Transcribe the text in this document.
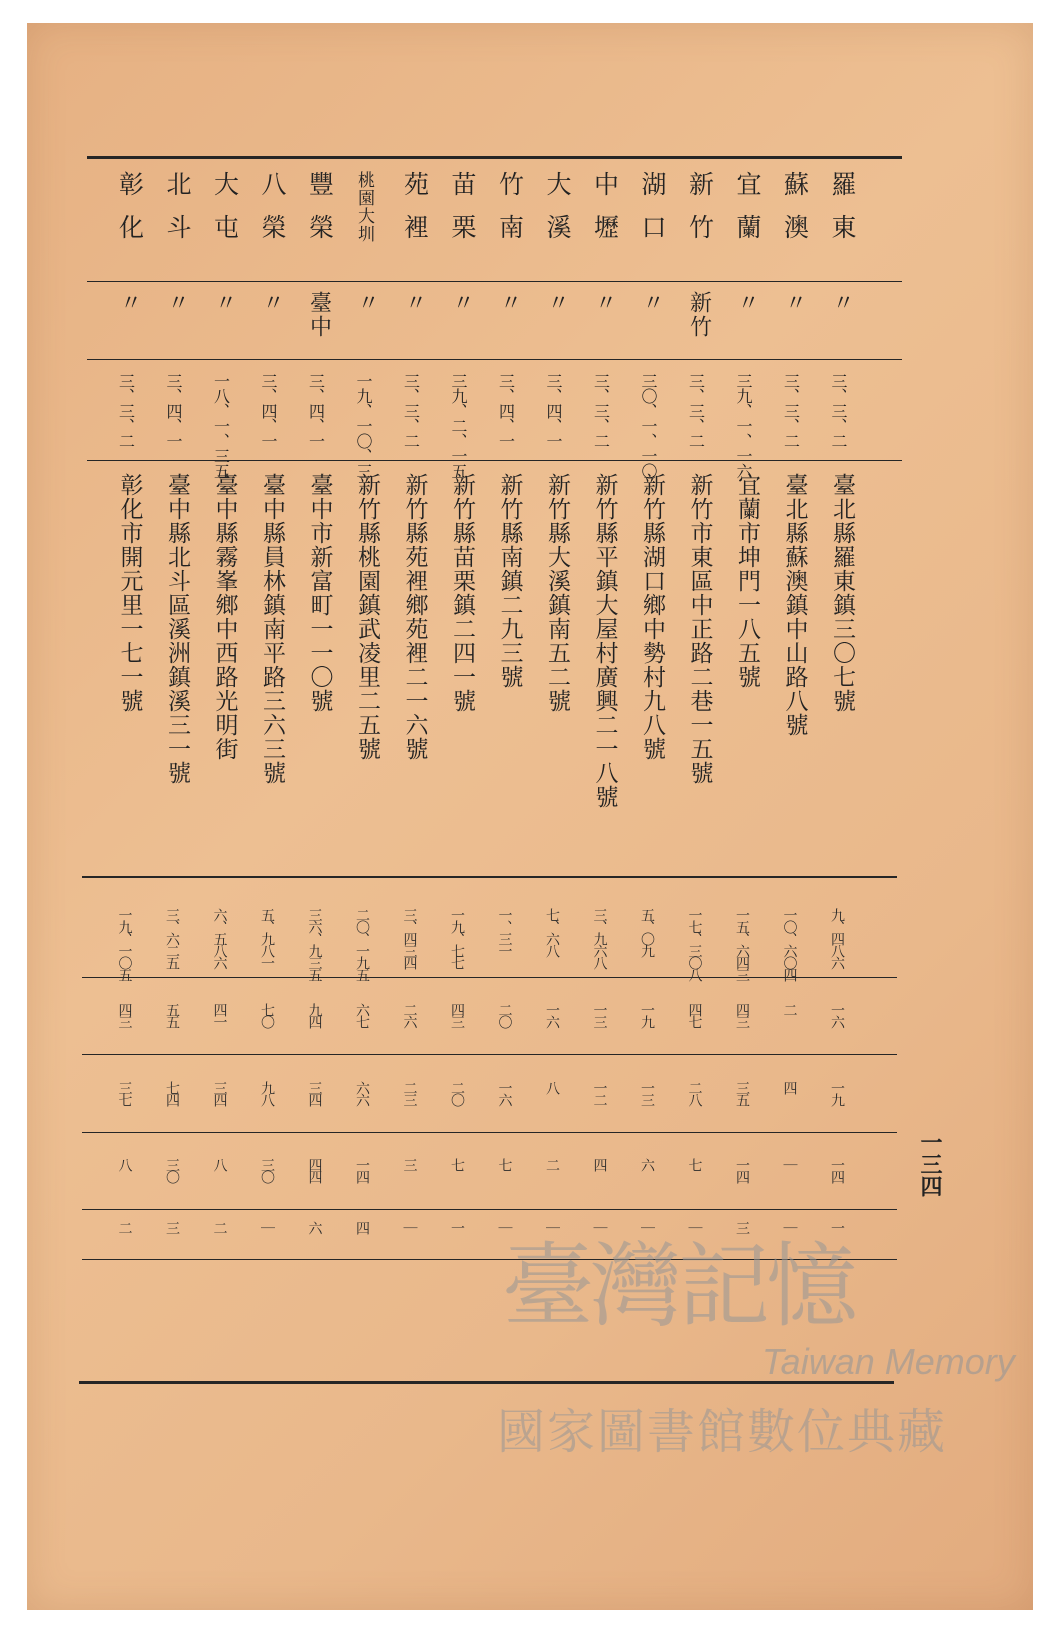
一三四
羅東
〃
三、三、二
臺北縣羅東鎮三〇七號
九、四八六
一六
一九
一四
一
蘇澳
〃
三、三、二
臺北縣蘇澳鎮中山路八號
一〇、六〇四
二
四
｜
｜
宜蘭
〃
三九、一、一六
宜蘭市坤門一八五號
一五、六四三
四三
三五
一四
三
新竹
新竹
三、三、二
新竹市東區中正路二巷一五號
一七、三〇八
四七
二八
七
｜
湖口
〃
三〇、一、一〇
新竹縣湖口鄉中勢村九八號
五、〇九
一九
一三
六
｜
中壢
〃
三、三、二
新竹縣平鎮大屋村廣興二一八號
三、九六八
一三
一二
四
｜
大溪
〃
三、四、一
新竹縣大溪鎮南五二號
七、六八
一六
八
二
｜
竹南
〃
三、四、一
新竹縣南鎮二九三號
一、三一
二〇
一六
七
｜
苗栗
〃
三九、二、一五
新竹縣苗栗鎮二四一號
一九、七七
四三
二〇
七
一
苑裡
〃
三、三、二
新竹縣苑裡鄉苑裡二一六號
三、四三四
二六
二三
三
｜
桃園大圳
〃
一九、一〇、三
新竹縣桃園鎮武凌里二五號
二〇、一九五
六七
六六
一四
四
豐榮
臺中
三、四、一
臺中市新富町一一〇號
三六、九三五
九四
三四
四四
六
八榮
〃
三、四、一
臺中縣員林鎮南平路三六三號
五、九八一
七〇
九八
三〇
｜
大屯
〃
一八、一、三五
臺中縣霧峯鄉中西路光明街
六、五八六
四一
三四
八
二
北斗
〃
三、四、一
臺中縣北斗區溪洲鎮溪三一號
三、六二五
五五
七四
三〇
三
彰化
〃
三、三、二
彰化市開元里一七一號
一九、一〇五
四三
三七
八
二
臺灣記憶
Taiwan Memory
國家圖書館數位典藏
